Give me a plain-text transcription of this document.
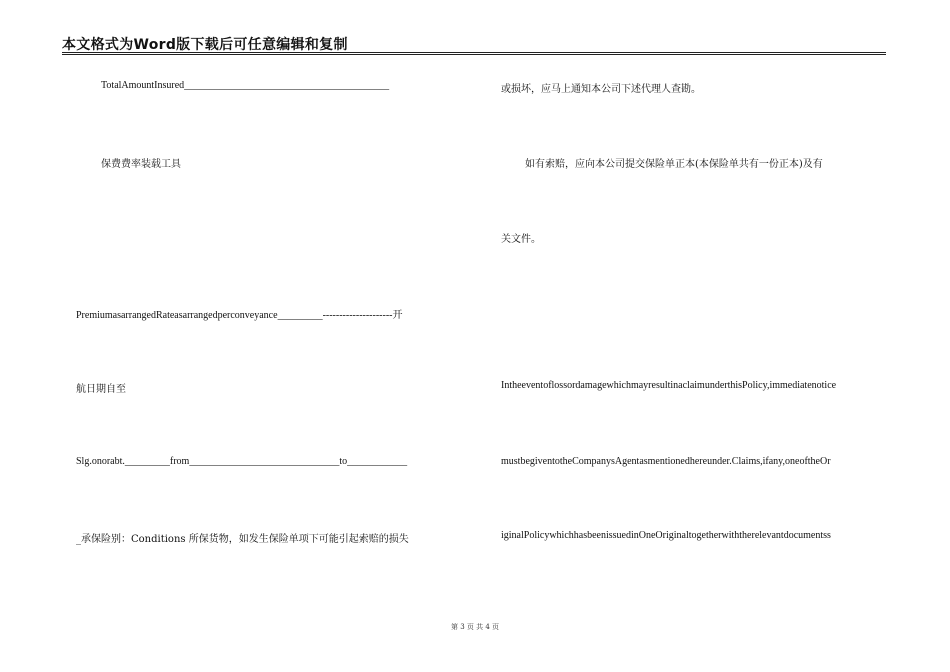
本文格式为Word版下载后可任意编辑和复制
TotalAmountInsured_________________________________________
保费费率装载工具
PremiumasarrangedRateasarrangedperconveyance_________---------------------开
航日期自至
Slg.onorabt._________from______________________________to____________
_承保险别：Conditions 所保货物，如发生保险单项下可能引起索赔的损失
或损坏，应马上通知本公司下述代理人查勘。
如有索赔，应向本公司提交保险单正本(本保险单共有一份正本)及有
关文件。
IntheeventoflossordamagewhichmayresultinaclaimunderthisPolicy,immediatenotice
mustbegiventotheCompanysAgentasmentionedhereunder.Claims,ifany,oneoftheOr
iginalPolicywhichhasbeenissuedinOneOriginaltogetherwiththerelevantdocumentss
第 3 页 共 4 页
